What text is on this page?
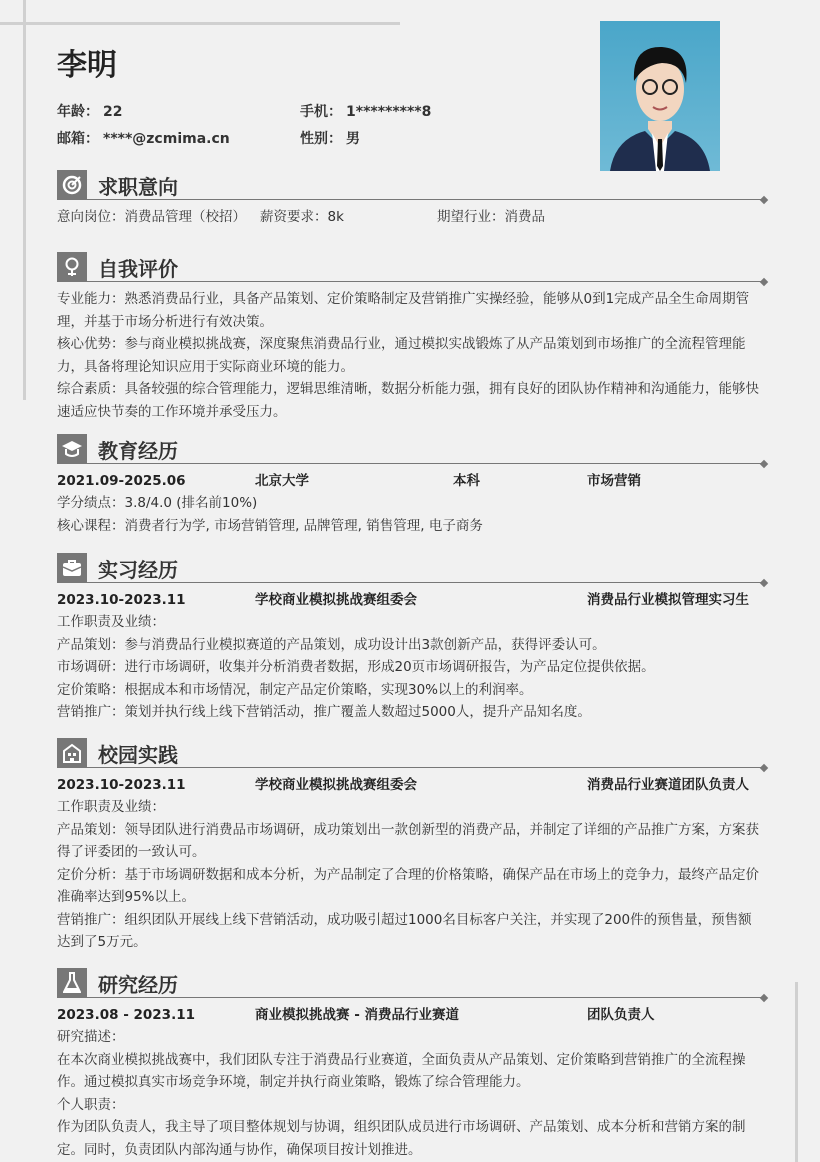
李明
年龄： 22	手机： 1*********8
邮箱： ****@zcmima.cn	性别： 男
求职意向
意向岗位：消费品管理（校招）	薪资要求：8k	期望行业：消费品
自我评价
专业能力：熟悉消费品行业，具备产品策划、定价策略制定及营销推广实操经验，能够从0到1完成产品全生命周期管理，并基于市场分析进行有效决策。
核心优势：参与商业模拟挑战赛，深度聚焦消费品行业，通过模拟实战锻炼了从产品策划到市场推广的全流程管理能力，具备将理论知识应用于实际商业环境的能力。
综合素质：具备较强的综合管理能力，逻辑思维清晰，数据分析能力强，拥有良好的团队协作精神和沟通能力，能够快速适应快节奏的工作环境并承受压力。
教育经历
2021.09-2025.06	北京大学	本科	市场营销
学分绩点：3.8/4.0 (排名前10%)
核心课程：消费者行为学, 市场营销管理, 品牌管理, 销售管理, 电子商务
实习经历
2023.10-2023.11	学校商业模拟挑战赛组委会	消费品行业模拟管理实习生
工作职责及业绩：
产品策划：参与消费品行业模拟赛道的产品策划，成功设计出3款创新产品，获得评委认可。
市场调研：进行市场调研，收集并分析消费者数据，形成20页市场调研报告，为产品定位提供依据。
定价策略：根据成本和市场情况，制定产品定价策略，实现30%以上的利润率。
营销推广：策划并执行线上线下营销活动，推广覆盖人数超过5000人，提升产品知名度。
校园实践
2023.10-2023.11	学校商业模拟挑战赛组委会	消费品行业赛道团队负责人
工作职责及业绩：
产品策划：领导团队进行消费品市场调研，成功策划出一款创新型的消费产品，并制定了详细的产品推广方案，方案获得了评委团的一致认可。
定价分析：基于市场调研数据和成本分析，为产品制定了合理的价格策略，确保产品在市场上的竞争力，最终产品定价准确率达到95%以上。
营销推广：组织团队开展线上线下营销活动，成功吸引超过1000名目标客户关注，并实现了200件的预售量，预售额达到了5万元。
研究经历
2023.08 - 2023.11	商业模拟挑战赛 - 消费品行业赛道	团队负责人
研究描述：
在本次商业模拟挑战赛中，我们团队专注于消费品行业赛道，全面负责从产品策划、定价策略到营销推广的全流程操作。通过模拟真实市场竞争环境，制定并执行商业策略，锻炼了综合管理能力。
个人职责：
作为团队负责人，我主导了项目整体规划与协调，组织团队成员进行市场调研、产品策划、成本分析和营销方案的制定。同时，负责团队内部沟通与协作，确保项目按计划推进。
